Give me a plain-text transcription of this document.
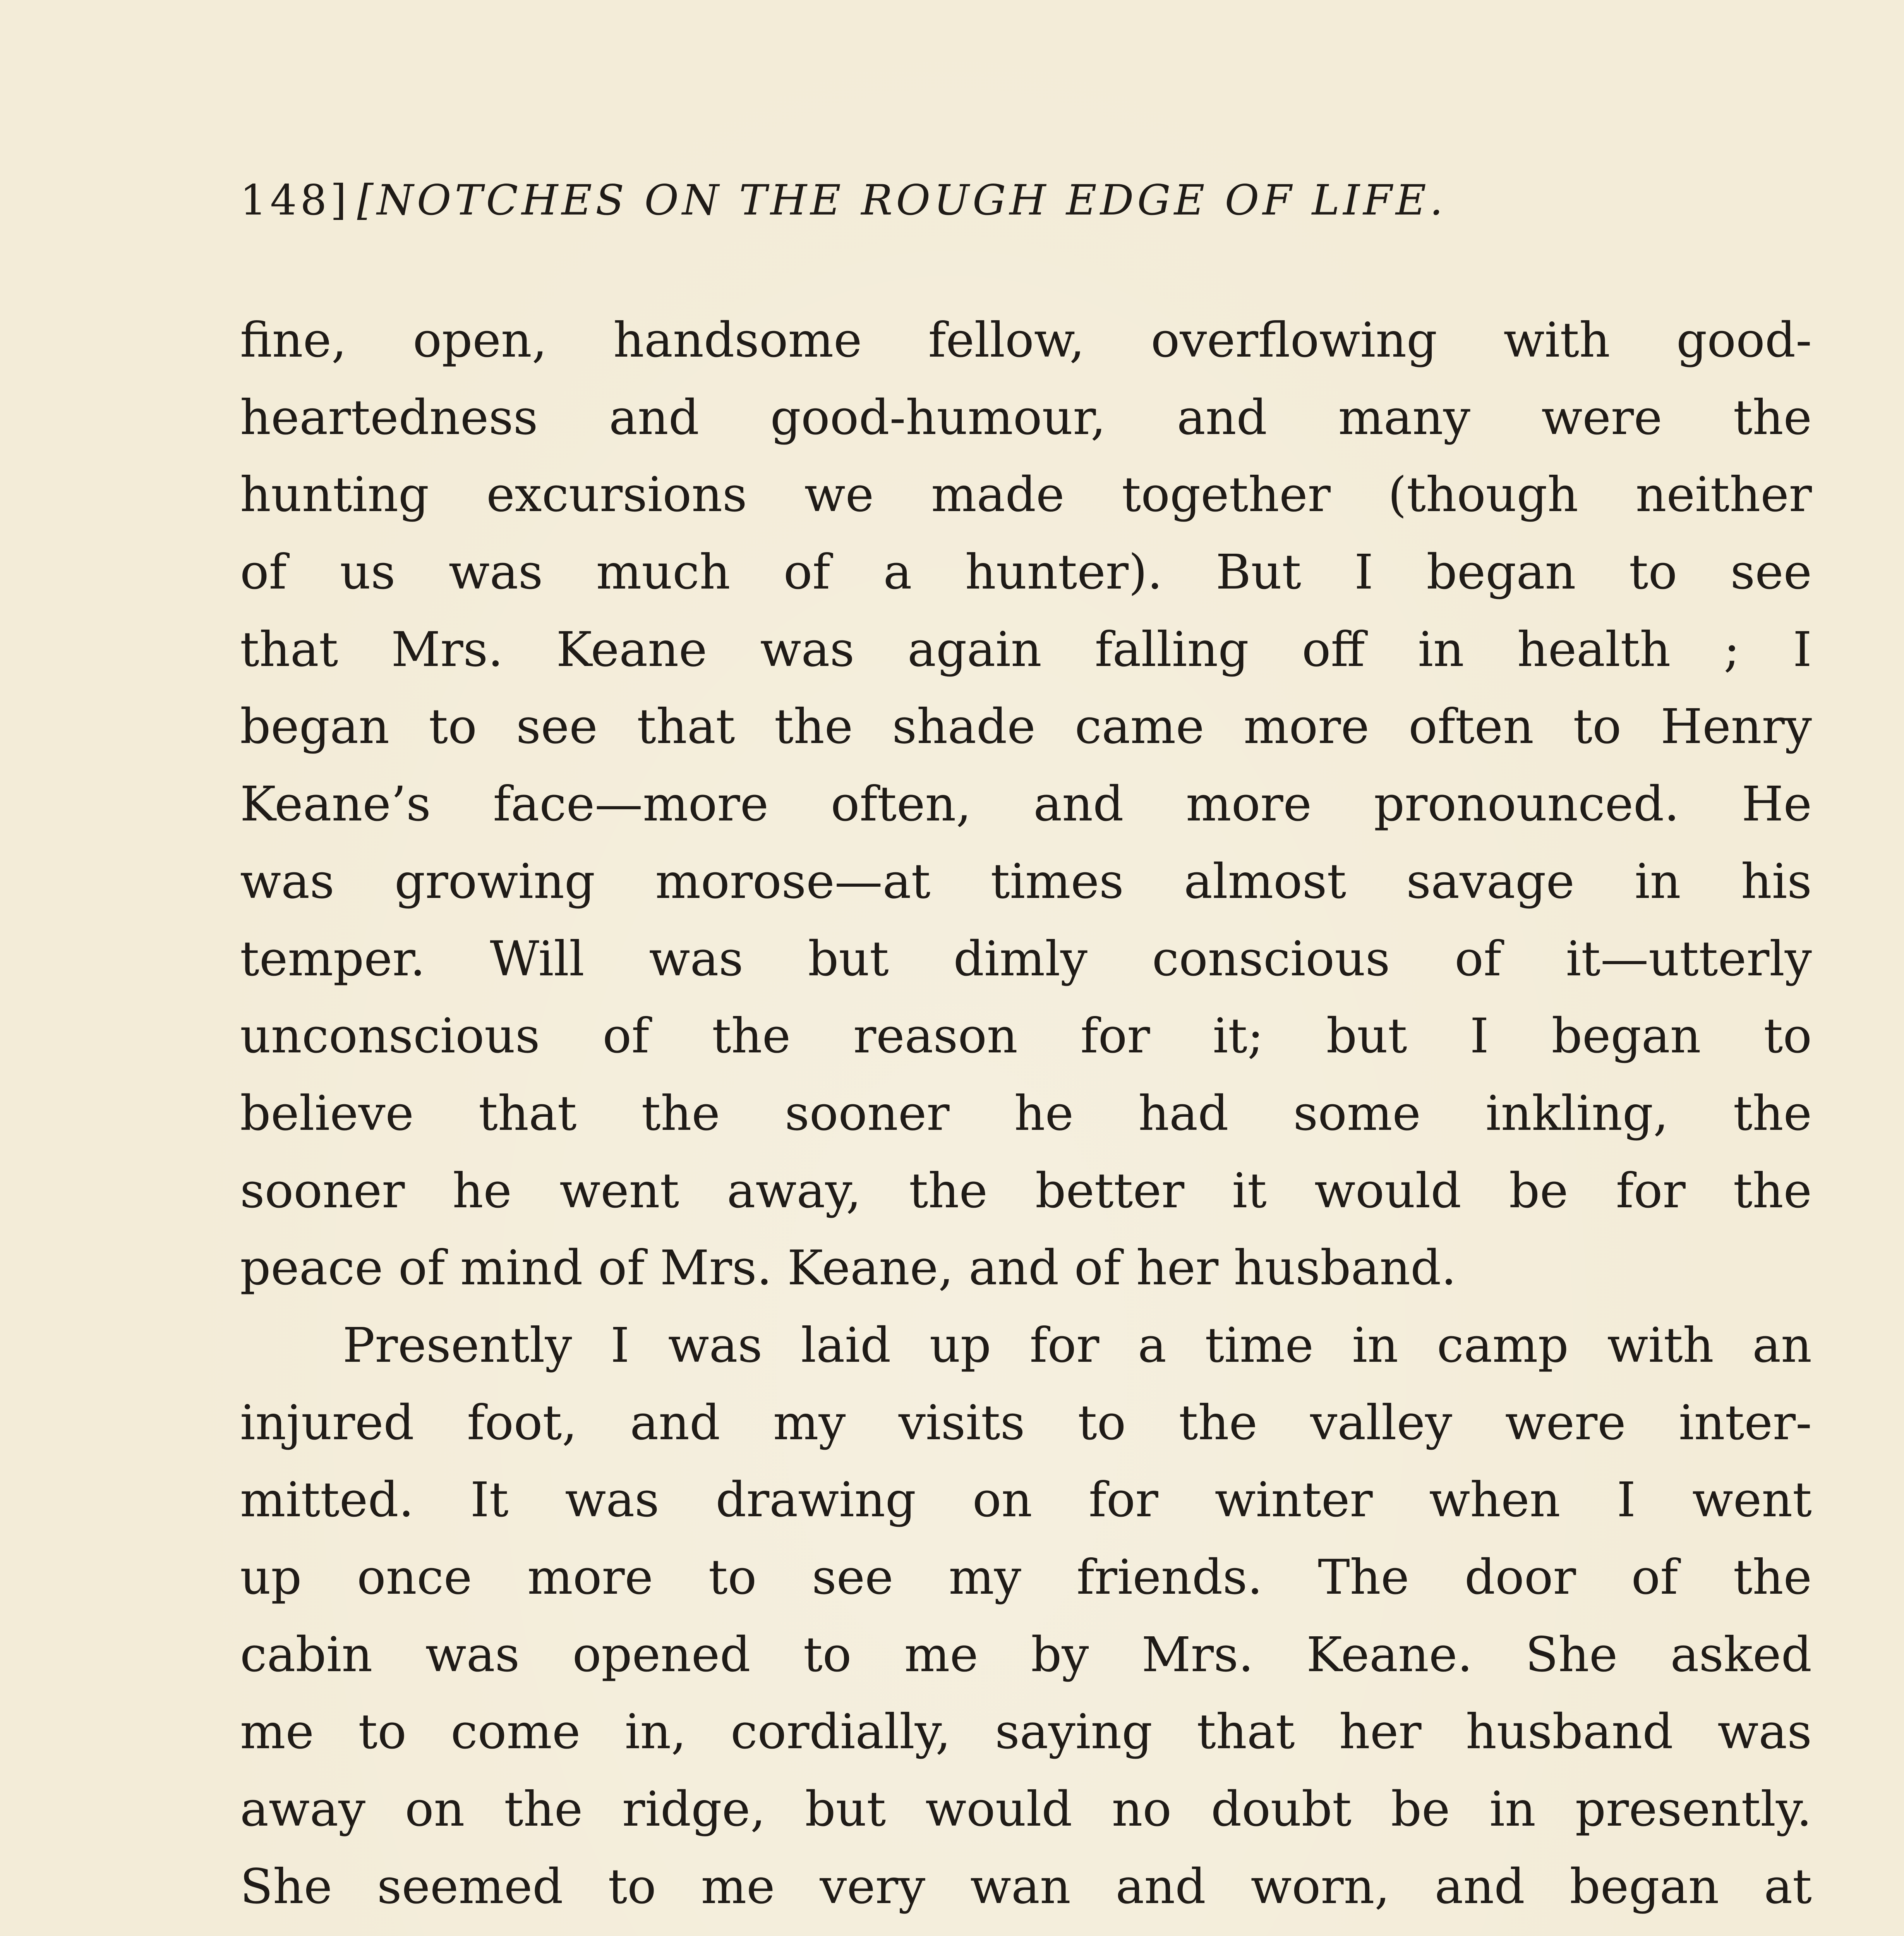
148] [NOTCHES ON THE ROUGH EDGE OF LIFE.
fine, open, handsome fellow, overflowing with good-
heartedness and good-humour, and many were the
hunting excursions we made together (though neither
of us was much of a hunter). But I began to see
that Mrs. Keane was again falling off in health ; I
began to see that the shade came more often to Henry
Keane’s face—more often, and more pronounced. He
was growing morose—at times almost savage in his
temper. Will was but dimly conscious of it—utterly
unconscious of the reason for it; but I began to
believe that the sooner he had some inkling, the
sooner he went away, the better it would be for the
peace of mind of Mrs. Keane, and of her husband.
Presently I was laid up for a time in camp with an
injured foot, and my visits to the valley were inter-
mitted. It was drawing on for winter when I went
up once more to see my friends. The door of the
cabin was opened to me by Mrs. Keane. She asked
me to come in, cordially, saying that her husband was
away on the ridge, but would no doubt be in presently.
She seemed to me very wan and worn, and began at
